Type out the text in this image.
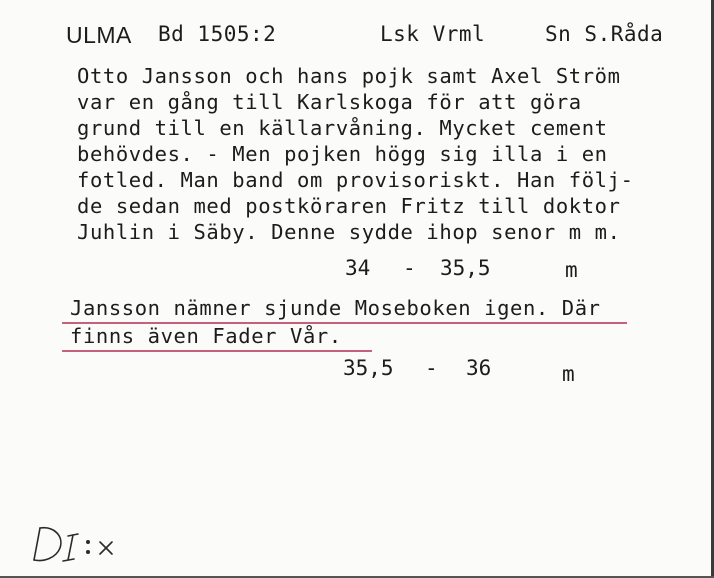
ULMA Bd 1505:2	Lsk Vrml	Sn S.Råda
Otto Jansson och hans pojk samt Axel Ström
var en gång till Karlskoga för att göra
grund till en källarvåning. Mycket cement
behövdes. - Men pojken högg sig illa i en
fotled. Man band om provisoriskt. Han följ-
de sedan med postköraren Fritz till doktor
Juhlin i Säby. Denne sydde ihop senor m m.
34 - 35,5	m
Jansson nämner sjunde Moseboken igen. Där
finns även Fader Vår.
35,5 - 36	m
